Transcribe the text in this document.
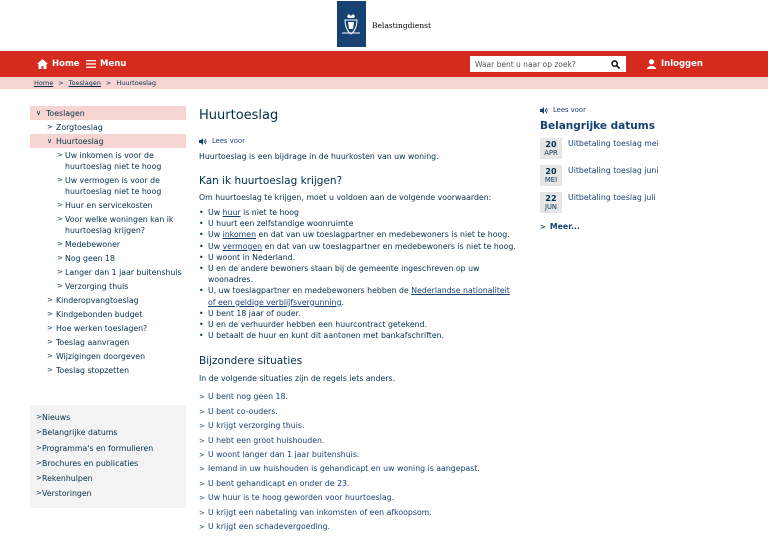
Belastingdienst
Home Menu
Waar bent u naar op zoek?	Inloggen
Home > Toeslagen > Huurtoeslag
∨ Toeslagen
> Zorgtoeslag
∨ Huurtoeslag
> Uw inkomen is voor de huurtoeslag niet te hoog
> Uw vermogen is voor de huurtoeslag niet te hoog
> Huur en servicekosten
> Voor welke woningen kan ik huurtoeslag krijgen?
> Medebewoner
> Nog geen 18
> Langer dan 1 jaar buitenshuis
> Verzorging thuis
> Kinderopvangtoeslag
> Kindgebonden budget
> Hoe werken toeslagen?
> Toeslag aanvragen
> Wijzigingen doorgeven
> Toeslag stopzetten
> Nieuws
> Belangrijke datums
> Programma's en formulieren
> Brochures en publicaties
> Rekenhulpen
> Verstoringen
Huurtoeslag
Lees voor

Huurtoeslag is een bijdrage in de huurkosten van uw woning.

Kan ik huurtoeslag krijgen?

Om huurtoeslag te krijgen, moet u voldoen aan de volgende voorwaarden:

• Uw huur is niet te hoog
• U huurt een zelfstandige woonruimte
• Uw inkomen en dat van uw toeslagpartner en medebewoners is niet te hoog.
• Uw vermogen en dat van uw toeslagpartner en medebewoners is niet te hoog.
• U woont in Nederland.
• U en de andere bewoners staan bij de gemeente ingeschreven op uw woonadres.
• U, uw toeslagpartner en medebewoners hebben de Nederlandse nationaliteit of een geldige verblijfsvergunning.
• U bent 18 jaar of ouder.
• U en de verhuurder hebben een huurcontract getekend.
• U betaalt de huur en kunt dit aantonen met bankafschriften.
Bijzondere situaties

In de volgende situaties zijn de regels iets anders.

> U bent nog geen 18.
> U bent co-ouders.
> U krijgt verzorging thuis.
> U hebt een groot huishouden.
> U woont langer dan 1 jaar buitenshuis.
> Iemand in uw huishouden is gehandicapt en uw woning is aangepast.
> U bent gehandicapt en onder de 23.
> Uw huur is te hoog geworden voor huurtoeslag.
> U krijgt een nabetaling van inkomsten of een afkoopsom.
> U krijgt een schadevergoeding.
Lees voor
Belangrijke datums
20
APR
Uitbetaling toeslag mei
20
MEI
Uitbetaling toeslag juni
22
JUN
Uitbetaling toeslag juli
> Meer...
